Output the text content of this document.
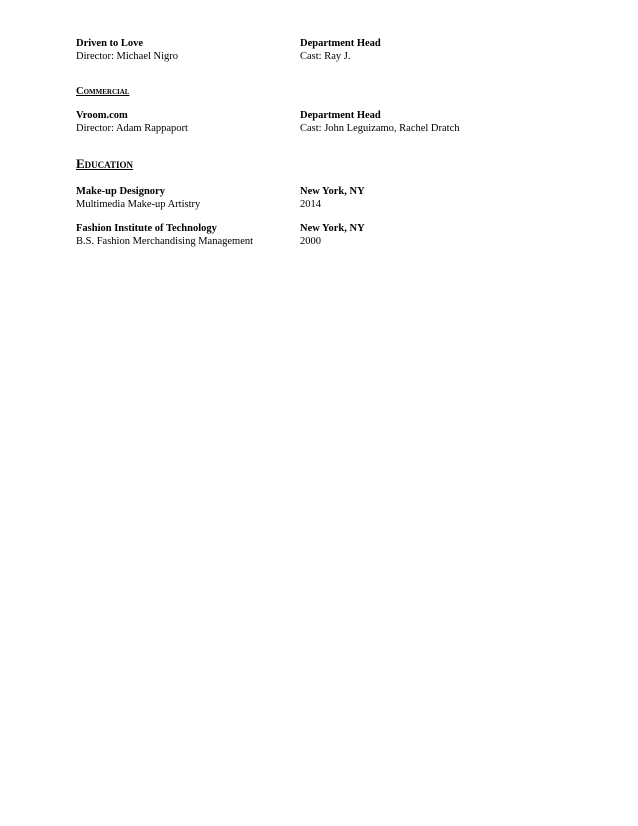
Driven to Love	Department Head
Director: Michael Nigro	Cast: Ray J.
Commercial
Vroom.com	Department Head
Director: Adam Rappaport	Cast: John Leguizamo, Rachel Dratch
Education
Make-up Designory	New York, NY
Multimedia Make-up Artistry	2014
Fashion Institute of Technology	New York, NY
B.S. Fashion Merchandising Management	2000
